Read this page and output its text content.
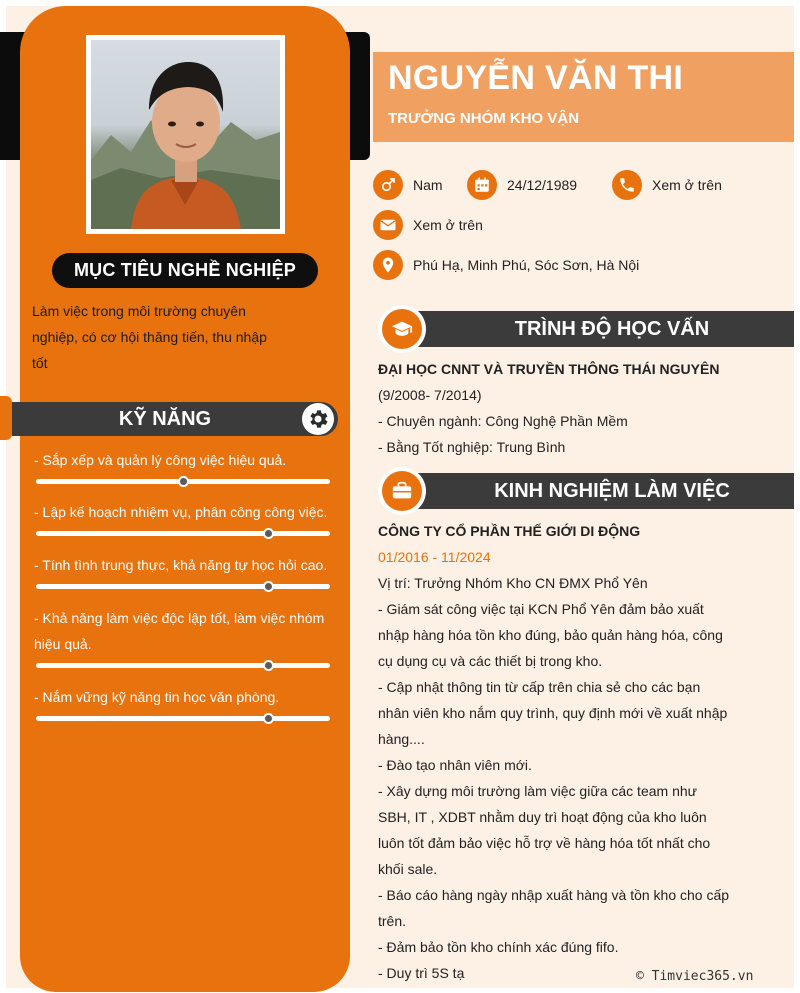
MỤC TIÊU NGHỀ NGHIỆP
Làm việc trong môi trường chuyên nghiệp, có cơ hội thăng tiến, thu nhập tốt
KỸ NĂNG
- Sắp xếp và quản lý công việc hiệu quả.
- Lập kế hoạch nhiệm vụ, phân công công việc.
- Tính tình trung thực, khả năng tự học hỏi cao.
- Khả năng làm việc độc lập tốt, làm việc nhóm hiệu quả.
- Nắm vững kỹ năng tin học văn phòng.
NGUYỄN VĂN THI
TRƯỞNG NHÓM KHO VẬN
Nam	24/12/1989	Xem ở trên
Xem ở trên
Phú Hạ, Minh Phú, Sóc Sơn, Hà Nội
TRÌNH ĐỘ HỌC VẤN
ĐẠI HỌC CNNT VÀ TRUYỀN THÔNG THÁI NGUYÊN
(9/2008- 7/2014)
- Chuyên ngành: Công Nghệ Phần Mềm
- Bằng Tốt nghiệp: Trung Bình
KINH NGHIỆM LÀM VIỆC
CÔNG TY CỔ PHẦN THẾ GIỚI DI ĐỘNG
01/2016 - 11/2024
Vị trí: Trưởng Nhóm Kho CN ĐMX Phổ Yên
- Giám sát công việc tại KCN Phổ Yên đảm bảo xuất nhập hàng hóa tồn kho đúng, bảo quản hàng hóa, công cụ dụng cụ và các thiết bị trong kho.
- Cập nhật thông tin từ cấp trên chia sẻ cho các bạn nhân viên kho nắm quy trình, quy định mới về xuất nhập hàng....
- Đào tạo nhân viên mới.
- Xây dựng môi trường làm việc giữa các team như SBH, IT , XDBT nhằm duy trì hoạt động của kho luôn luôn tốt đảm bảo việc hỗ trợ về hàng hóa tốt nhất cho khối sale.
- Báo cáo hàng ngày nhập xuất hàng và tồn kho cho cấp trên.
- Đảm bảo tồn kho chính xác đúng fifo.
- Duy trì 5S tạ	© Timviec365.vn
